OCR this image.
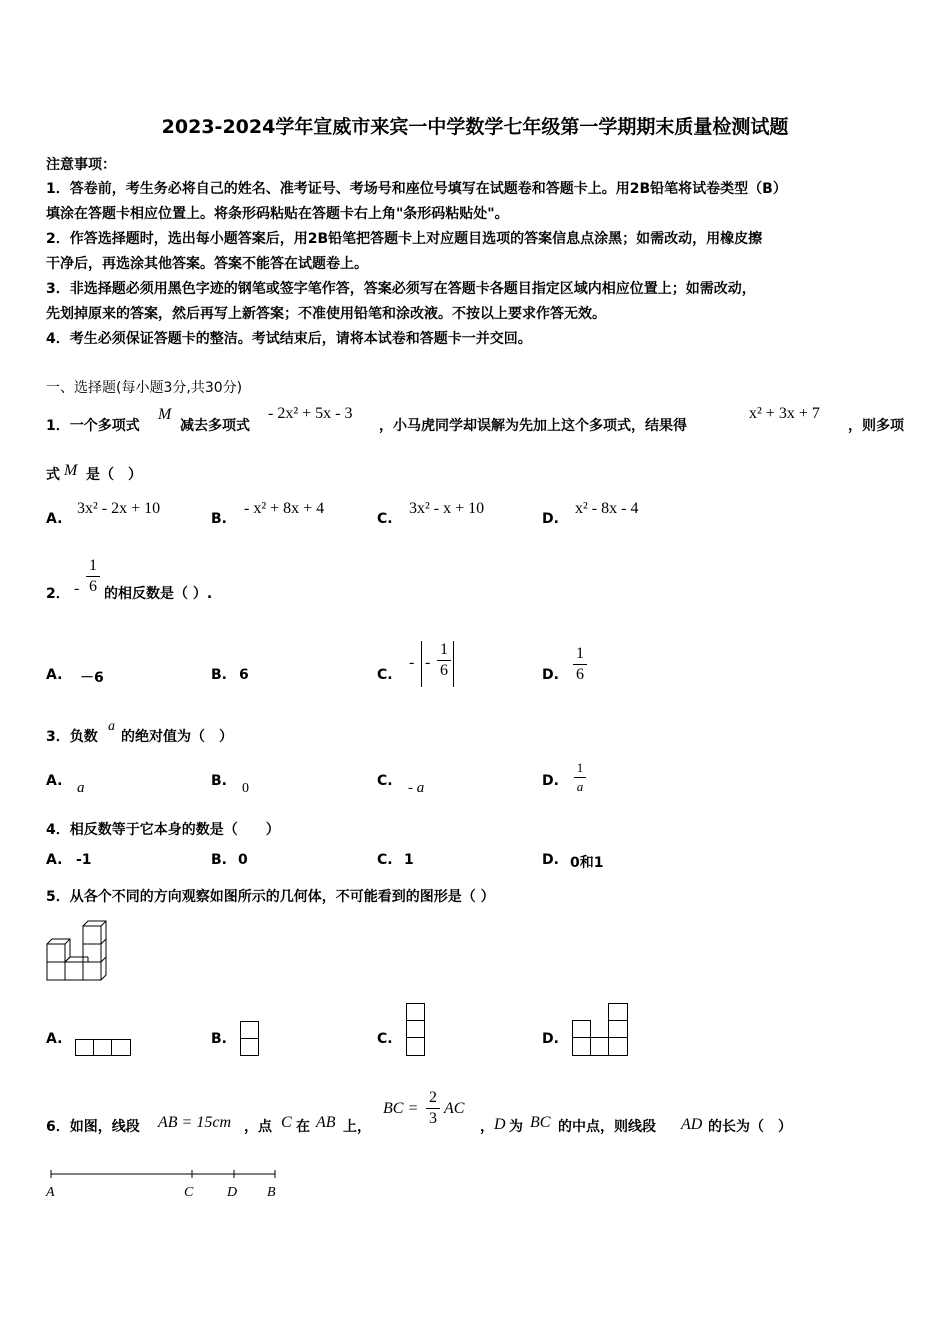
2023-2024学年宣威市来宾一中学数学七年级第一学期期末质量检测试题
注意事项：
1．答卷前，考生务必将自己的姓名、准考证号、考场号和座位号填写在试题卷和答题卡上。用2B铅笔将试卷类型（B）
填涂在答题卡相应位置上。将条形码粘贴在答题卡右上角"条形码粘贴处"。
2．作答选择题时，选出每小题答案后，用2B铅笔把答题卡上对应题目选项的答案信息点涂黑；如需改动，用橡皮擦
干净后，再选涂其他答案。答案不能答在试题卷上。
3．非选择题必须用黑色字迹的钢笔或签字笔作答，答案必须写在答题卡各题目指定区域内相应位置上；如需改动，
先划掉原来的答案，然后再写上新答案；不准使用铅笔和涂改液。不按以上要求作答无效。
4．考生必须保证答题卡的整洁。考试结束后，请将本试卷和答题卡一并交回。
一、选择题(每小题3分,共30分)
1．一个多项式
M
减去多项式
- 2x² + 5x - 3
，小马虎同学却误解为先加上这个多项式，结果得
x² + 3x + 7
，则多项
式 M 是（　）
A.
3x² - 2x + 10
B.
- x² + 8x + 4
C.
3x² - x + 10
D.
x² - 8x - 4
2． -
1
6 的相反数是（ ）.
A. －6	B. 6	C.
- -
1
6	D.
1
6
3．负数
a
的绝对值为（　）
A. a	B. 0	C. - a	D.
1
a
4．相反数等于它本身的数是（　　）
A. -1	B. 0	C. 1	D. 0和1
5．从各个不同的方向观察如图所示的几何体，不可能看到的图形是（ ）
A.	B.	C.	D.
6．如图，线段 AB = 15cm ，点 C 在 AB 上，
BC =
2
3
AC
， D 为 BC 的中点，则线段 AD 的长为（　）
A	C D B
